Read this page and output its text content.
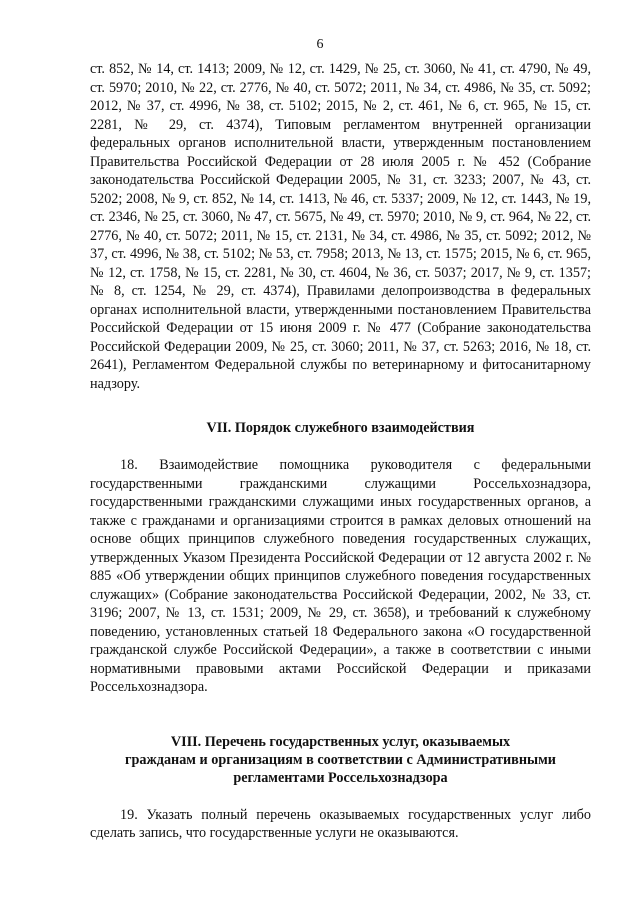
6

ст. 852, № 14, ст. 1413; 2009, № 12, ст. 1429, № 25, ст. 3060, № 41, ст. 4790, № 49, ст. 5970; 2010, № 22, ст. 2776, № 40, ст. 5072; 2011, № 34, ст. 4986, № 35, ст. 5092; 2012, № 37, ст. 4996, № 38, ст. 5102; 2015, № 2, ст. 461, № 6, ст. 965, № 15, ст. 2281, № 29, ст. 4374), Типовым регламентом внутренней организации федеральных органов исполнительной власти, утвержденным постановлением Правительства Российской Федерации от 28 июля 2005 г. № 452 (Собрание законодательства Российской Федерации 2005, № 31, ст. 3233; 2007, № 43, ст. 5202; 2008, № 9, ст. 852, № 14, ст. 1413, № 46, ст. 5337; 2009, № 12, ст. 1443, № 19, ст. 2346, № 25, ст. 3060, № 47, ст. 5675, № 49, ст. 5970; 2010, № 9, ст. 964, № 22, ст. 2776, № 40, ст. 5072; 2011, № 15, ст. 2131, № 34, ст. 4986, № 35, ст. 5092; 2012, № 37, ст. 4996, № 38, ст. 5102; № 53, ст. 7958; 2013, № 13, ст. 1575; 2015, № 6, ст. 965, № 12, ст. 1758, № 15, ст. 2281, № 30, ст. 4604, № 36, ст. 5037; 2017, № 9, ст. 1357; № 8, ст. 1254, № 29, ст. 4374), Правилами делопроизводства в федеральных органах исполнительной власти, утвержденными постановлением Правительства Российской Федерации от 15 июня 2009 г. № 477 (Собрание законодательства Российской Федерации 2009, № 25, ст. 3060; 2011, № 37, ст. 5263; 2016, № 18, ст. 2641), Регламентом Федеральной службы по ветеринарному и фитосанитарному надзору.

VII. Порядок служебного взаимодействия

18. Взаимодействие помощника руководителя с федеральными государственными гражданскими служащими Россельхознадзора, государственными гражданскими служащими иных государственных органов, а также с гражданами и организациями строится в рамках деловых отношений на основе общих принципов служебного поведения государственных служащих, утвержденных Указом Президента Российской Федерации от 12 августа 2002 г. № 885 «Об утверждении общих принципов служебного поведения государственных служащих» (Собрание законодательства Российской Федерации, 2002, № 33, ст. 3196; 2007, № 13, ст. 1531; 2009, № 29, ст. 3658), и требований к служебному поведению, установленных статьей 18 Федерального закона «О государственной гражданской службе Российской Федерации», а также в соответствии с иными нормативными правовыми актами Российской Федерации и приказами Россельхознадзора.

VIII. Перечень государственных услуг, оказываемых
гражданам и организациям в соответствии с Административными
регламентами Россельхознадзора

19. Указать полный перечень оказываемых государственных услуг либо сделать запись, что государственные услуги не оказываются.
